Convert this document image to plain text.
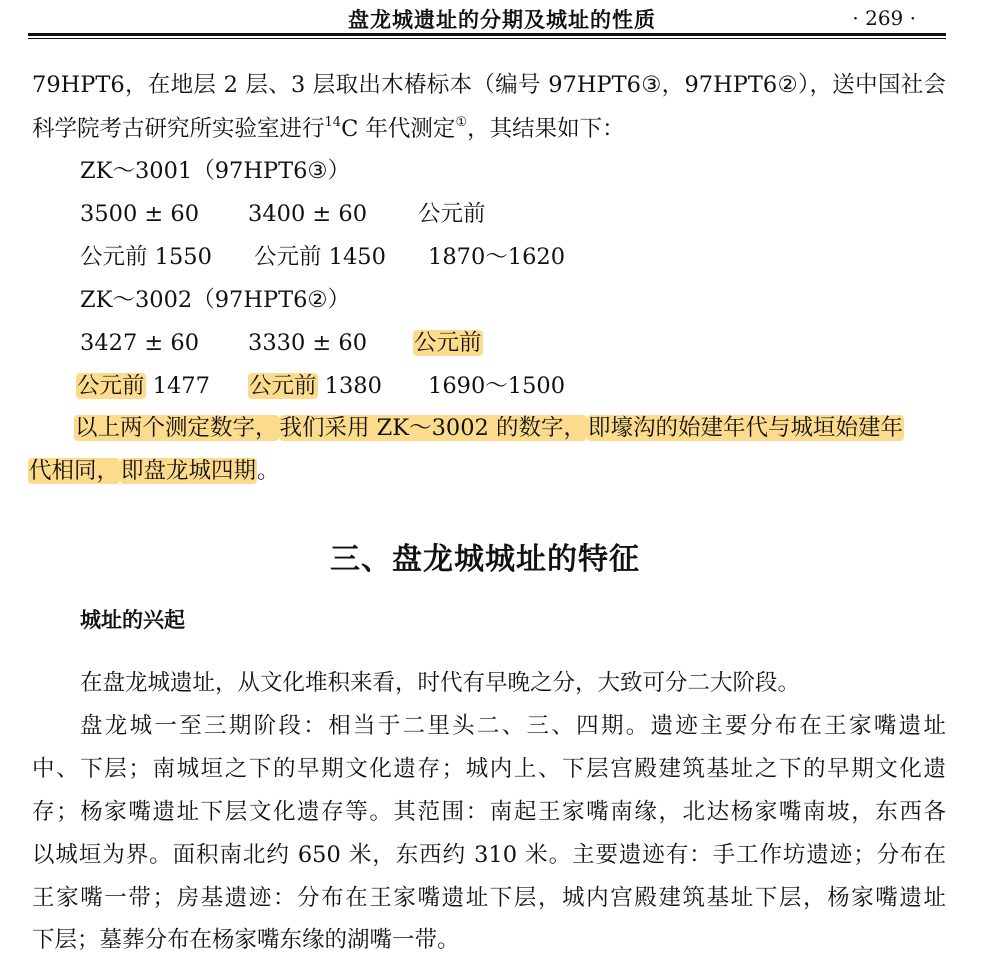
盘龙城遗址的分期及城址的性质	· 269 ·
79HPT6，在地层 2 层、3 层取出木椿标本（编号 97HPT6③，97HPT6②），送中国社会
科学院考古研究所实验室进行$^{14}$C 年代测定①，其结果如下：
ZK～3001（97HPT6③）
3500 ± 60 3400 ± 60 公元前
公元前 1550 公元前 1450 1870～1620
ZK～3002（97HPT6②）
3427 ± 60 3330 ± 60 公元前
公元前 1477 公元前 1380 1690～1500
以上两个测定数字，我们采用 ZK～3002 的数字，即壕沟的始建年代与城垣始建年
代相同，即盘龙城四期。
三、盘龙城城址的特征
城址的兴起
在盘龙城遗址，从文化堆积来看，时代有早晚之分，大致可分二大阶段。
盘龙城一至三期阶段：相当于二里头二、三、四期。遗迹主要分布在王家嘴遗址
中、下层；南城垣之下的早期文化遗存；城内上、下层宫殿建筑基址之下的早期文化遗
存；杨家嘴遗址下层文化遗存等。其范围：南起王家嘴南缘，北达杨家嘴南坡，东西各
以城垣为界。面积南北约 650 米，东西约 310 米。主要遗迹有：手工作坊遗迹；分布在
王家嘴一带；房基遗迹：分布在王家嘴遗址下层，城内宫殿建筑基址下层，杨家嘴遗址
下层；墓葬分布在杨家嘴东缘的湖嘴一带。
